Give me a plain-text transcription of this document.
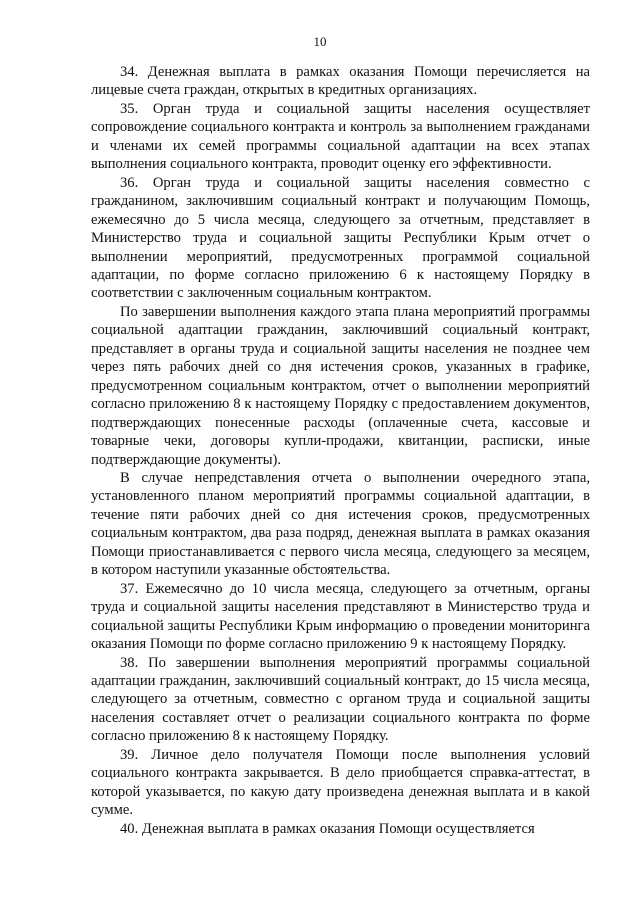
10

34. Денежная выплата в рамках оказания Помощи перечисляется на лицевые счета граждан, открытых в кредитных организациях.

35. Орган труда и социальной защиты населения осуществляет сопровождение социального контракта и контроль за выполнением гражданами и членами их семей программы социальной адаптации на всех этапах выполнения социального контракта, проводит оценку его эффективности.

36. Орган труда и социальной защиты населения совместно с гражданином, заключившим социальный контракт и получающим Помощь, ежемесячно до 5 числа месяца, следующего за отчетным, представляет в Министерство труда и социальной защиты Республики Крым отчет о выполнении мероприятий, предусмотренных программой социальной адаптации, по форме согласно приложению 6 к настоящему Порядку в соответствии с заключенным социальным контрактом.

По завершении выполнения каждого этапа плана мероприятий программы социальной адаптации гражданин, заключивший социальный контракт, представляет в органы труда и социальной защиты населения не позднее чем через пять рабочих дней со дня истечения сроков, указанных в графике, предусмотренном социальным контрактом, отчет о выполнении мероприятий согласно приложению 8 к настоящему Порядку с предоставлением документов, подтверждающих понесенные расходы (оплаченные счета, кассовые и товарные чеки, договоры купли-продажи, квитанции, расписки, иные подтверждающие документы).

В случае непредставления отчета о выполнении очередного этапа, установленного планом мероприятий программы социальной адаптации, в течение пяти рабочих дней со дня истечения сроков, предусмотренных социальным контрактом, два раза подряд, денежная выплата в рамках оказания Помощи приостанавливается с первого числа месяца, следующего за месяцем, в котором наступили указанные обстоятельства.

37. Ежемесячно до 10 числа месяца, следующего за отчетным, органы труда и социальной защиты населения представляют в Министерство труда и социальной защиты Республики Крым информацию о проведении мониторинга оказания Помощи по форме согласно приложению 9 к настоящему Порядку.

38. По завершении выполнения мероприятий программы социальной адаптации гражданин, заключивший социальный контракт, до 15 числа месяца, следующего за отчетным, совместно с органом труда и социальной защиты населения составляет отчет о реализации социального контракта по форме согласно приложению 8 к настоящему Порядку.

39. Личное дело получателя Помощи после выполнения условий социального контракта закрывается. В дело приобщается справка-аттестат, в которой указывается, по какую дату произведена денежная выплата и в какой сумме.

40. Денежная выплата в рамках оказания Помощи осуществляется
